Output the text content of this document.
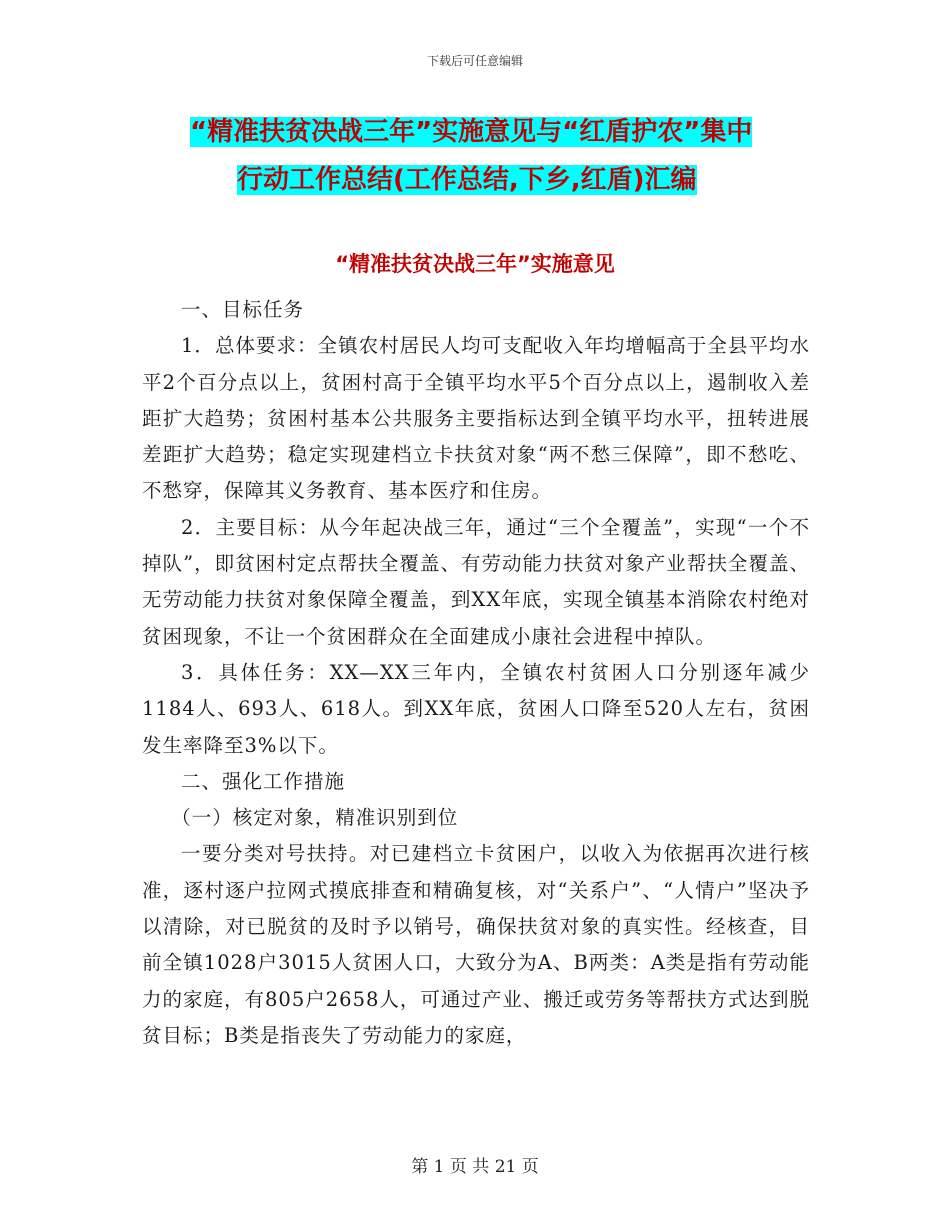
下载后可任意编辑
“精准扶贫决战三年”实施意见与“红盾护农”集中
行动工作总结(工作总结,下乡,红盾)汇编
“精准扶贫决战三年”实施意见

一、目标任务

1．总体要求：全镇农村居民人均可支配收入年均增幅高于全县平均水平2个百分点以上，贫困村高于全镇平均水平5个百分点以上，遏制收入差距扩大趋势；贫困村基本公共服务主要指标达到全镇平均水平，扭转进展差距扩大趋势；稳定实现建档立卡扶贫对象“两不愁三保障”，即不愁吃、不愁穿，保障其义务教育、基本医疗和住房。

2．主要目标：从今年起决战三年，通过“三个全覆盖”，实现“一个不掉队”，即贫困村定点帮扶全覆盖、有劳动能力扶贫对象产业帮扶全覆盖、无劳动能力扶贫对象保障全覆盖，到XX年底，实现全镇基本消除农村绝对贫困现象，不让一个贫困群众在全面建成小康社会进程中掉队。

3．具体任务：XX—XX三年内，全镇农村贫困人口分别逐年减少1184人、693人、618人。到XX年底，贫困人口降至520人左右，贫困发生率降至3%以下。

二、强化工作措施

（一）核定对象，精准识别到位

一要分类对号扶持。对已建档立卡贫困户，以收入为依据再次进行核准，逐村逐户拉网式摸底排查和精确复核，对“关系户”、“人情户”坚决予以清除，对已脱贫的及时予以销号，确保扶贫对象的真实性。经核查，目前全镇1028户3015人贫困人口，大致分为A、B两类：A类是指有劳动能力的家庭，有805户2658人，可通过产业、搬迁或劳务等帮扶方式达到脱贫目标；B类是指丧失了劳动能力的家庭，

第 1 页 共 21 页
